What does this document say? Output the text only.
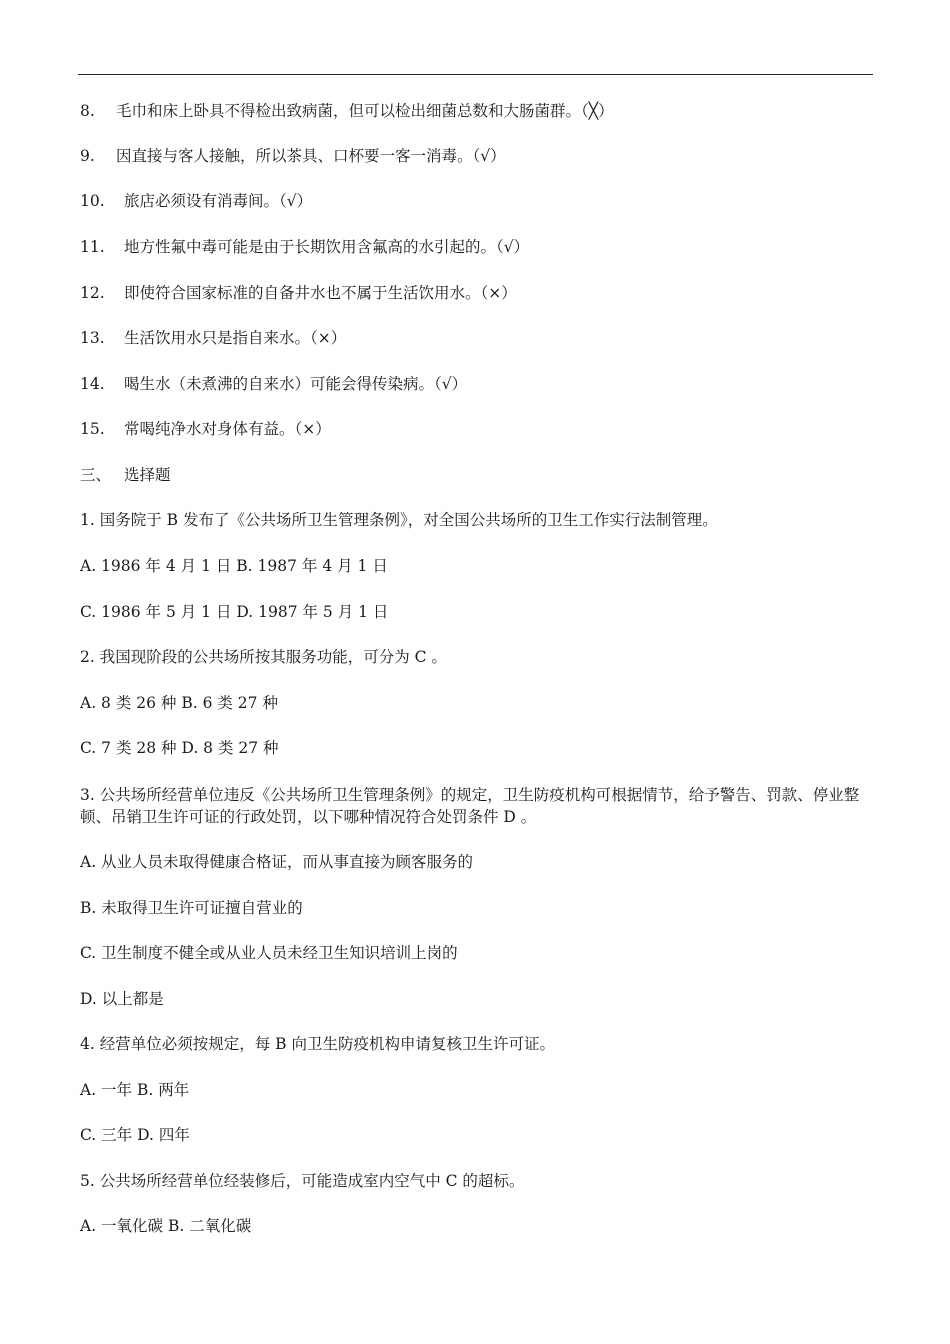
8. 毛巾和床上卧具不得检出致病菌，但可以检出细菌总数和大肠菌群。（╳）
9. 因直接与客人接触，所以茶具、口杯要一客一消毒。（√）
10. 旅店必须设有消毒间。（√）
11. 地方性氟中毒可能是由于长期饮用含氟高的水引起的。（√）
12. 即使符合国家标准的自备井水也不属于生活饮用水。（×）
13. 生活饮用水只是指自来水。（×）
14. 喝生水（未煮沸的自来水）可能会得传染病。（√）
15. 常喝纯净水对身体有益。（×）
三、 选择题
1. 国务院于 B 发布了《公共场所卫生管理条例》，对全国公共场所的卫生工作实行法制管理。
A. 1986 年 4 月 1 日 B. 1987 年 4 月 1 日
C. 1986 年 5 月 1 日 D. 1987 年 5 月 1 日
2. 我国现阶段的公共场所按其服务功能，可分为 C 。
A. 8 类 26 种 B. 6 类 27 种
C. 7 类 28 种 D. 8 类 27 种
3. 公共场所经营单位违反《公共场所卫生管理条例》的规定，卫生防疫机构可根据情节，给予警告、罚款、停业整顿、吊销卫生许可证的行政处罚，以下哪种情况符合处罚条件 D 。
A. 从业人员未取得健康合格证，而从事直接为顾客服务的
B. 未取得卫生许可证擅自营业的
C. 卫生制度不健全或从业人员未经卫生知识培训上岗的
D. 以上都是
4. 经营单位必须按规定，每 B 向卫生防疫机构申请复核卫生许可证。
A. 一年 B. 两年
C. 三年 D. 四年
5. 公共场所经营单位经装修后，可能造成室内空气中 C 的超标。
A. 一氧化碳 B. 二氧化碳
